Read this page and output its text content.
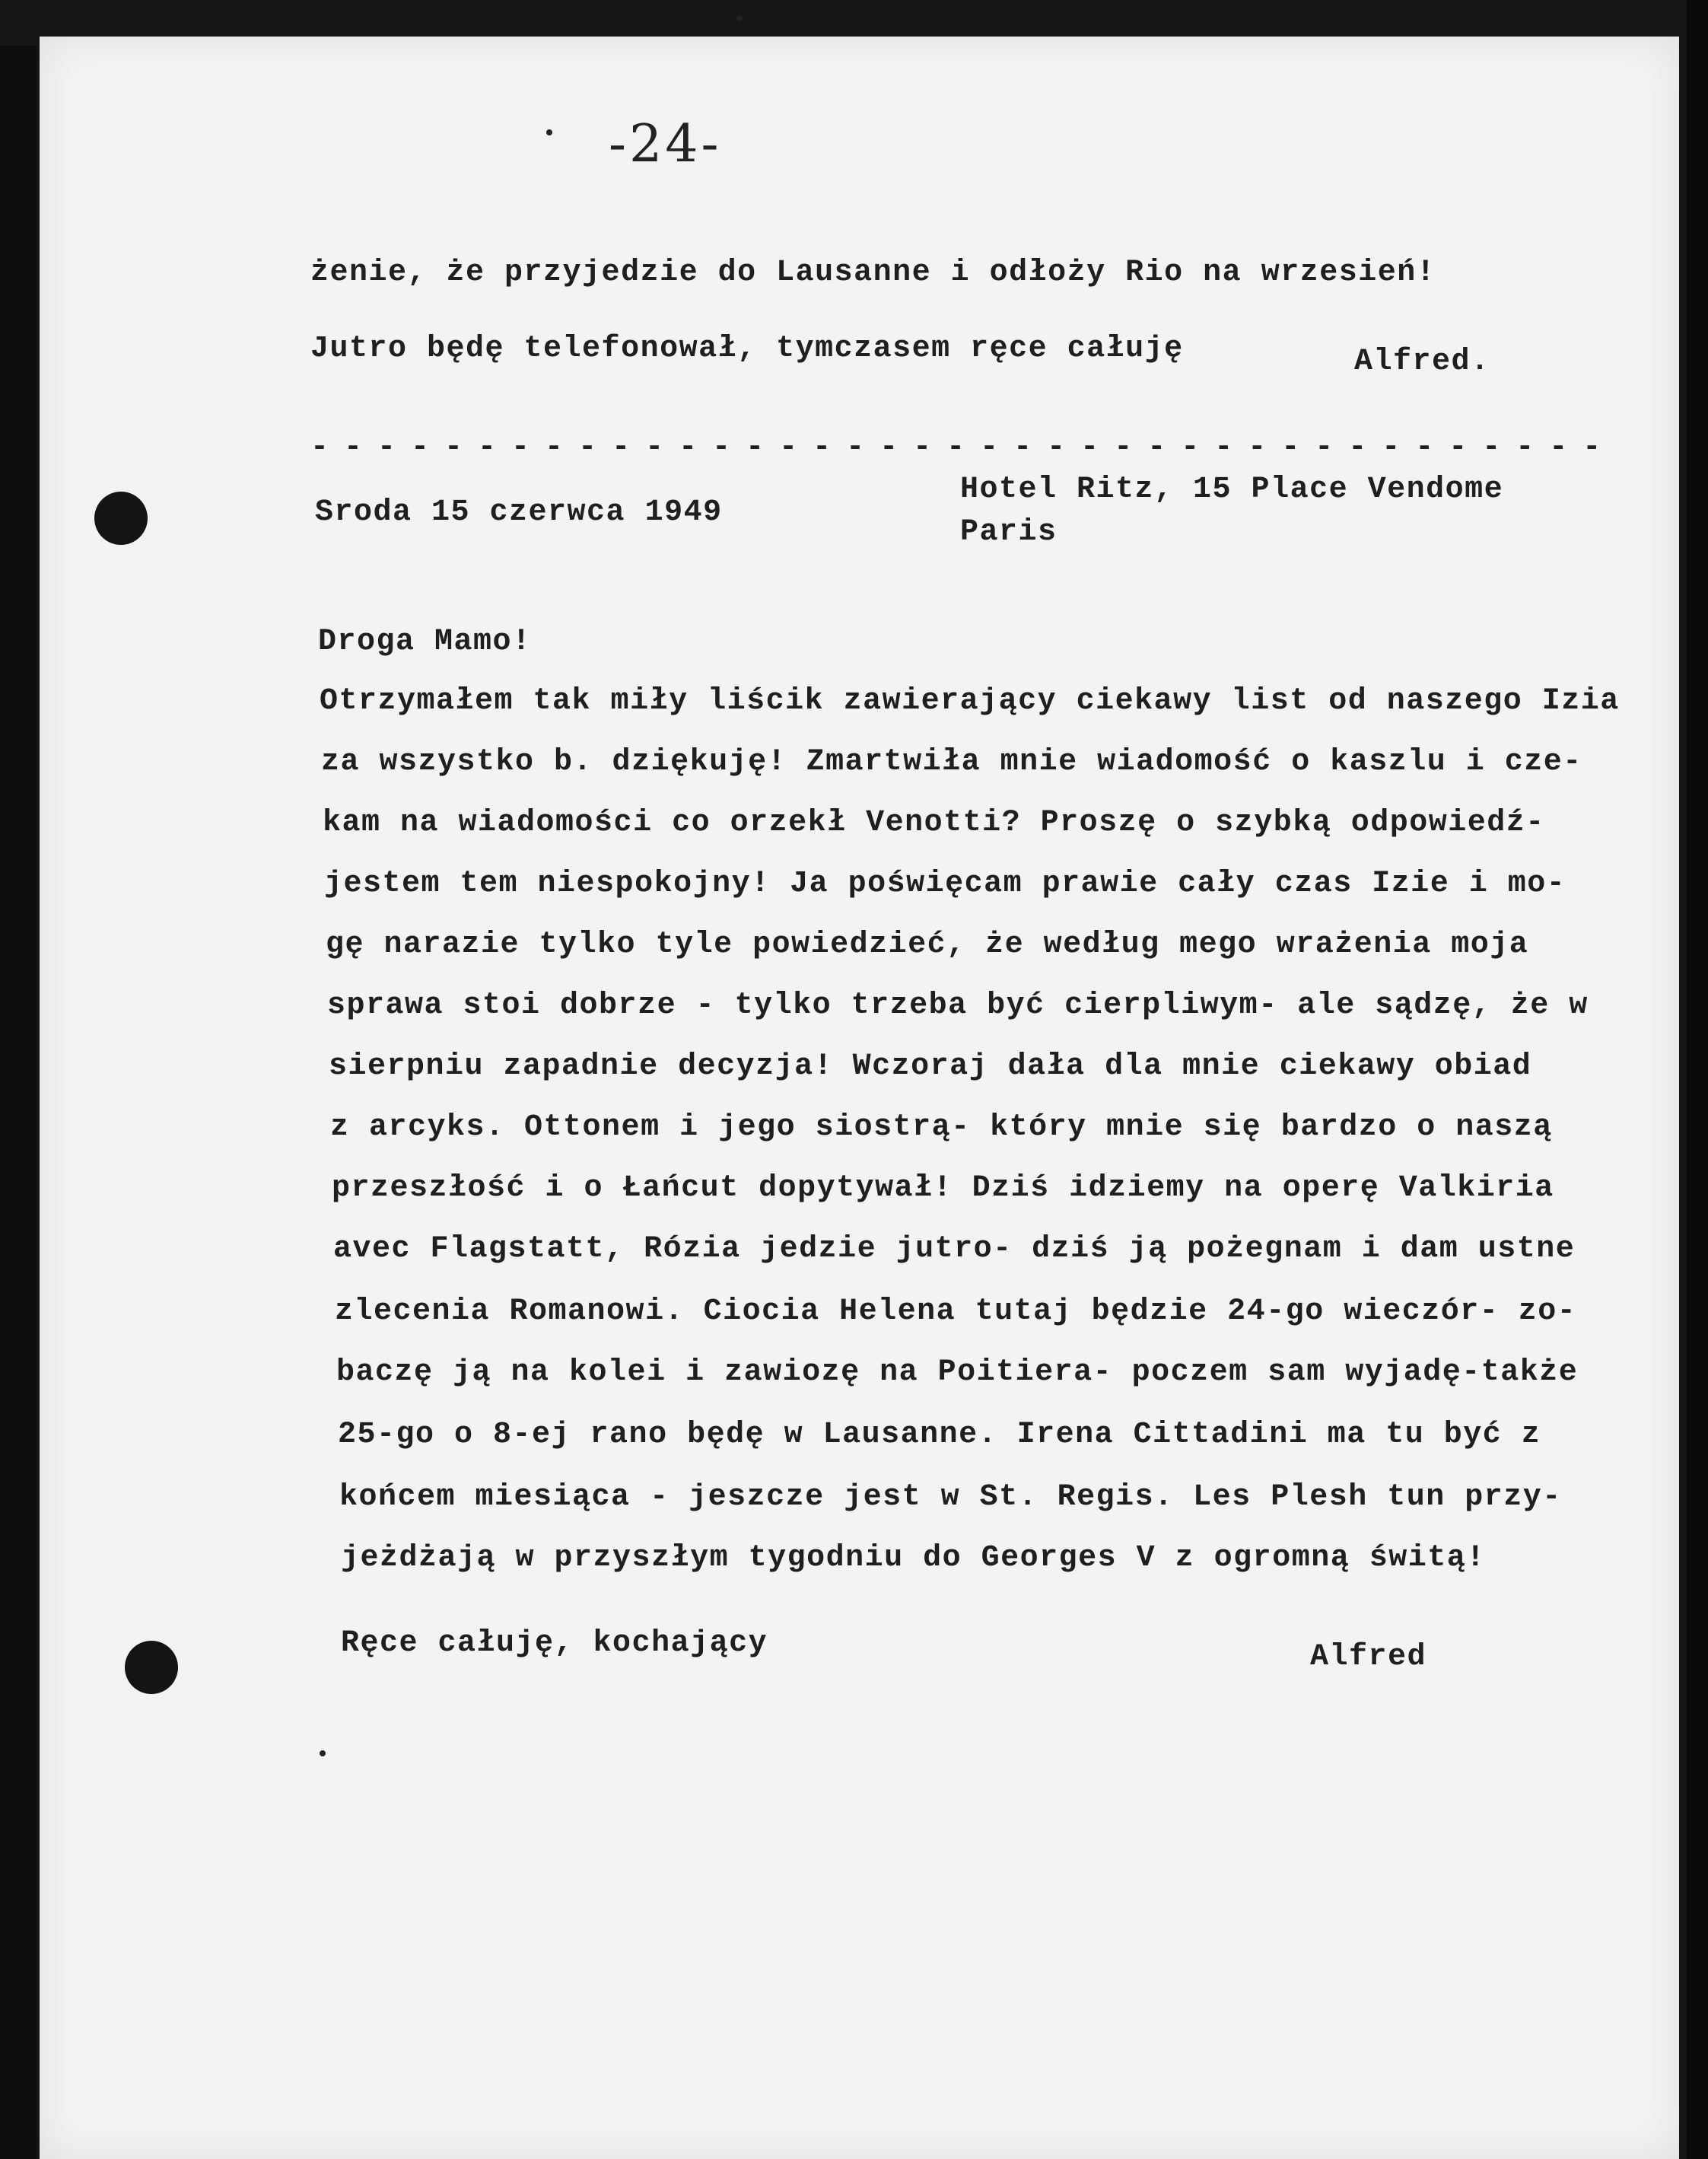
-24-
żenie, że przyjedzie do Lausanne i odłoży Rio na wrzesień!
Jutro będę telefonował, tymczasem ręce całuję	Alfred.
- - - - - - - - - - - - - - - - - - - - - - - - - - - - - - - - - - - - - - -
Sroda 15 czerwca 1949
Hotel Ritz, 15 Place Vendome
Paris
Droga Mamo!
Otrzymałem tak miły liścik zawierający ciekawy list od naszego Izia
za wszystko b. dziękuję! Zmartwiła mnie wiadomość o kaszlu i cze-
kam na wiadomości co orzekł Venotti? Proszę o szybką odpowiedź-
jestem tem niespokojny! Ja poświęcam prawie cały czas Izie i mo-
gę narazie tylko tyle powiedzieć, że według mego wrażenia moja
sprawa stoi dobrze - tylko trzeba być cierpliwym- ale sądzę, że w
sierpniu zapadnie decyzja! Wczoraj dała dla mnie ciekawy obiad
z arcyks. Ottonem i jego siostrą- który mnie się bardzo o naszą
przeszłość i o Łańcut dopytywał! Dziś idziemy na operę Valkiria
avec Flagstatt, Rózia jedzie jutro- dziś ją pożegnam i dam ustne
zlecenia Romanowi. Ciocia Helena tutaj będzie 24-go wieczór- zo-
baczę ją na kolei i zawiozę na Poitiera- poczem sam wyjadę-także
25-go o 8-ej rano będę w Lausanne. Irena Cittadini ma tu być z
końcem miesiąca - jeszcze jest w St. Regis. Les Plesh tun przy-
jeżdżają w przyszłym tygodniu do Georges V z ogromną świtą!
Ręce całuję, kochający	Alfred
